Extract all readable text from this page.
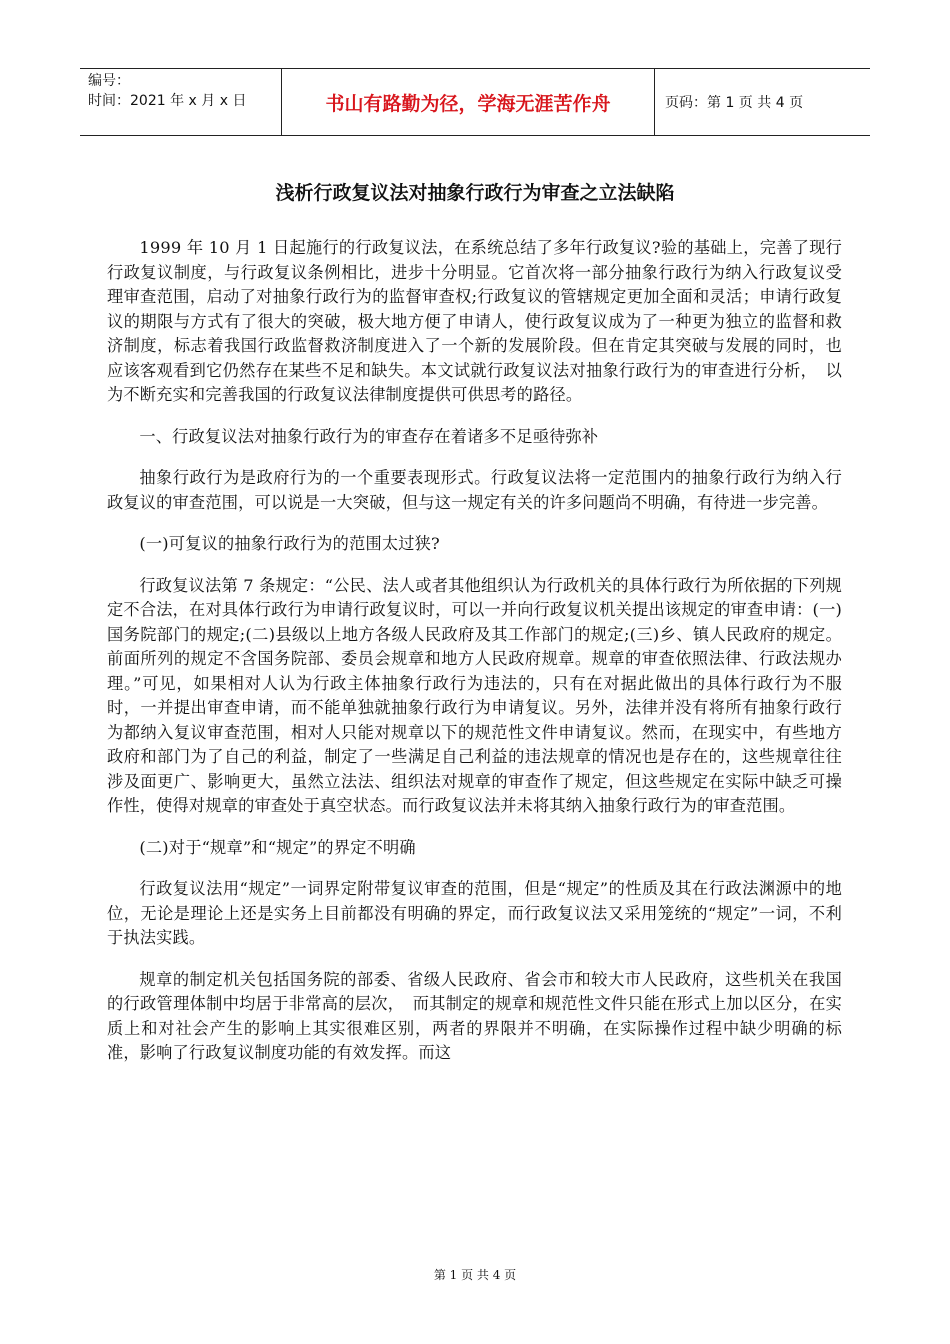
编号：
时间：2021 年 x 月 x 日	书山有路勤为径，学海无涯苦作舟	页码：第 1 页 共 4 页
浅析行政复议法对抽象行政行为审查之立法缺陷

1999 年 10 月 1 日起施行的行政复议法，在系统总结了多年行政复议?验的基础上，完善了现行行政复议制度，与行政复议条例相比，进步十分明显。它首次将一部分抽象行政行为纳入行政复议受理审查范围，启动了对抽象行政行为的监督审查权;行政复议的管辖规定更加全面和灵活；申请行政复议的期限与方式有了很大的突破，极大地方便了申请人，使行政复议成为了一种更为独立的监督和救济制度，标志着我国行政监督救济制度进入了一个新的发展阶段。但在肯定其突破与发展的同时，也应该客观看到它仍然存在某些不足和缺失。本文试就行政复议法对抽象行政行为的审查进行分析，　以为不断充实和完善我国的行政复议法律制度提供可供思考的路径。

一、行政复议法对抽象行政行为的审查存在着诸多不足亟待弥补

抽象行政行为是政府行为的一个重要表现形式。行政复议法将一定范围内的抽象行政行为纳入行政复议的审查范围，可以说是一大突破，但与这一规定有关的许多问题尚不明确，有待进一步完善。

(一)可复议的抽象行政行为的范围太过狭?

行政复议法第 7 条规定：“公民、法人或者其他组织认为行政机关的具体行政行为所依据的下列规定不合法，在对具体行政行为申请行政复议时，可以一并向行政复议机关提出该规定的审查申请：(一)国务院部门的规定;(二)县级以上地方各级人民政府及其工作部门的规定;(三)乡、镇人民政府的规定。前面所列的规定不含国务院部、委员会规章和地方人民政府规章。规章的审查依照法律、行政法规办理。”可见，如果相对人认为行政主体抽象行政行为违法的，只有在对据此做出的具体行政行为不服时，一并提出审查申请，而不能单独就抽象行政行为申请复议。另外，法律并没有将所有抽象行政行为都纳入复议审查范围，相对人只能对规章以下的规范性文件申请复议。然而，在现实中，有些地方政府和部门为了自己的利益，制定了一些满足自己利益的违法规章的情况也是存在的，这些规章往往涉及面更广、影响更大，虽然立法法、组织法对规章的审查作了规定，但这些规定在实际中缺乏可操作性，使得对规章的审查处于真空状态。而行政复议法并未将其纳入抽象行政行为的审查范围。

(二)对于“规章”和“规定”的界定不明确

行政复议法用“规定”一词界定附带复议审查的范围，但是“规定”的性质及其在行政法渊源中的地位，无论是理论上还是实务上目前都没有明确的界定，而行政复议法又采用笼统的“规定”一词，不利于执法实践。

规章的制定机关包括国务院的部委、省级人民政府、省会市和较大市人民政府，这些机关在我国的行政管理体制中均居于非常高的层次，　而其制定的规章和规范性文件只能在形式上加以区分，在实质上和对社会产生的影响上其实很难区别，两者的界限并不明确，在实际操作过程中缺少明确的标准，影响了行政复议制度功能的有效发挥。而这

第 1 页 共 4 页
